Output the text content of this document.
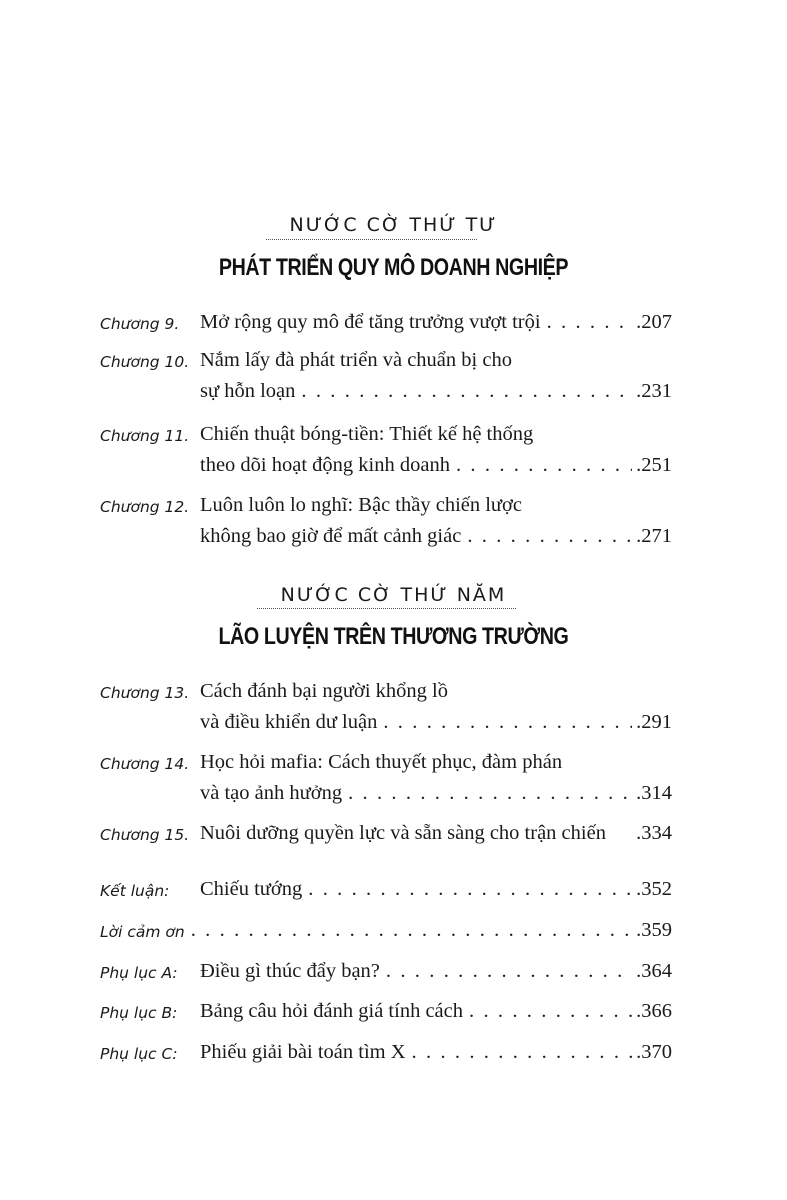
NƯỚC CỜ THỨ TƯ
PHÁT TRIỂN QUY MÔ DOANH NGHIỆP
Chương 9. Mở rộng quy mô để tăng trưởng vượt trội . . .	.207
Chương 10. Nắm lấy đà phát triển và chuẩn bị cho
sự hỗn loạn . . .	.231
Chương 11. Chiến thuật bóng-tiền: Thiết kế hệ thống
theo dõi hoạt động kinh doanh . . .	.251
Chương 12. Luôn luôn lo nghĩ: Bậc thầy chiến lược
không bao giờ để mất cảnh giác . . .	.271
NƯỚC CỜ THỨ NĂM
LÃO LUYỆN TRÊN THƯƠNG TRƯỜNG
Chương 13. Cách đánh bại người khổng lồ
và điều khiển dư luận . . .	.291
Chương 14. Học hỏi mafia: Cách thuyết phục, đàm phán
và tạo ảnh hưởng . . .	.314
Chương 15. Nuôi dưỡng quyền lực và sẵn sàng cho trận chiến .334
Kết luận: Chiếu tướng . . .	.352
Lời cảm ơn . . .	.359
Phụ lục A: Điều gì thúc đẩy bạn? . . .	.364
Phụ lục B: Bảng câu hỏi đánh giá tính cách . . .	.366
Phụ lục C: Phiếu giải bài toán tìm X . . .	.370
